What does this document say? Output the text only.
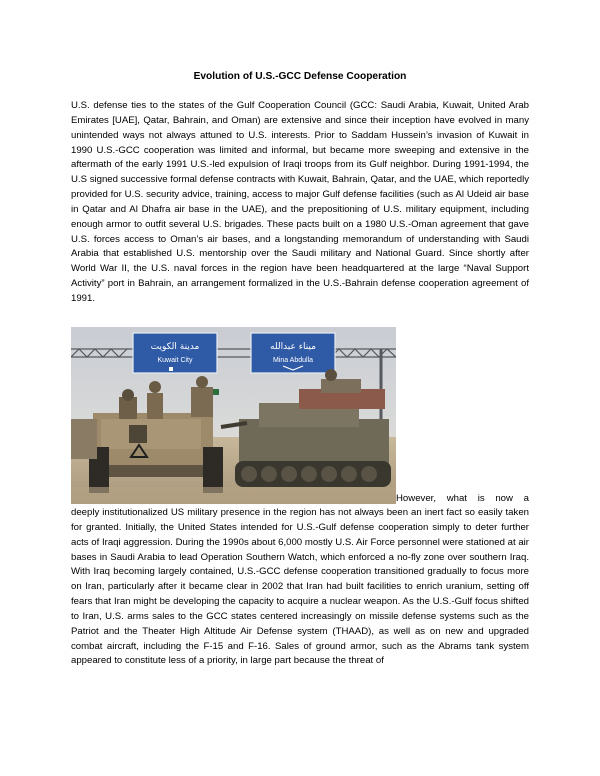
Evolution of U.S.-GCC Defense Cooperation

U.S. defense ties to the states of the Gulf Cooperation Council (GCC: Saudi Arabia, Kuwait, United Arab Emirates [UAE], Qatar, Bahrain, and Oman) are extensive and since their inception have evolved in many unintended ways not always attuned to U.S. interests. Prior to Saddam Hussein’s invasion of Kuwait in 1990 U.S.-GCC cooperation was limited and informal, but became more sweeping and extensive in the aftermath of the early 1991 U.S.-led expulsion of Iraqi troops from its Gulf neighbor. During 1991-1994, the U.S signed successive formal defense contracts with Kuwait, Bahrain, Qatar, and the UAE, which reportedly provided for U.S. security advice, training, access to major Gulf defense facilities (such as Al Udeid air base in Qatar and Al Dhafra air base in the UAE), and the prepositioning of U.S. military equipment, including enough armor to outfit several U.S. brigades. These pacts built on a 1980 U.S.-Oman agreement that gave U.S. forces access to Oman’s air bases, and a longstanding memorandum of understanding with Saudi Arabia that established U.S. mentorship over the Saudi military and National Guard. Since shortly after World War II, the U.S. naval forces in the region have been headquartered at the large “Naval Support Activity” port in Bahrain, an arrangement formalized in the U.S.-Bahrain defense cooperation agreement of 1991.

مدينة الكويت
Kuwait City
ميناء عبدالله
Mina Abdulla

However, what is now a

deeply institutionalized US military presence in the region has not always been an inert fact so easily taken for granted. Initially, the United States intended for U.S.-Gulf defense cooperation simply to deter further acts of Iraqi aggression. During the 1990s about 6,000 mostly U.S. Air Force personnel were stationed at air bases in Saudi Arabia to lead Operation Southern Watch, which enforced a no-fly zone over southern Iraq. With Iraq becoming largely contained, U.S.-GCC defense cooperation transitioned gradually to focus more on Iran, particularly after it became clear in 2002 that Iran had built facilities to enrich uranium, setting off fears that Iran might be developing the capacity to acquire a nuclear weapon. As the U.S.-Gulf focus shifted to Iran, U.S. arms sales to the GCC states centered increasingly on missile defense systems such as the Patriot and the Theater High Altitude Air Defense system (THAAD), as well as on new and upgraded combat aircraft, including the F-15 and F-16. Sales of ground armor, such as the Abrams tank system appeared to constitute less of a priority, in large part because the threat of
